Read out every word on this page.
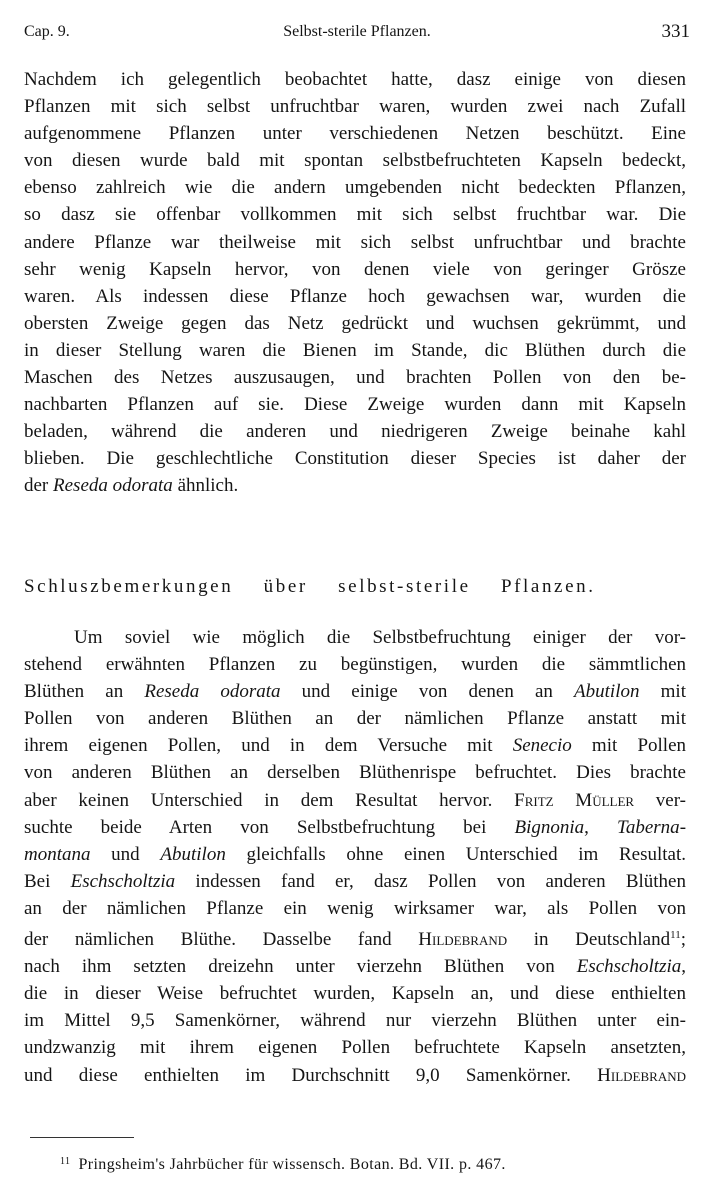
Selbst-sterile Pflanzen.
Cap. 9.	331
Nachdem ich gelegentlich beobachtet hatte, dasz einige von diesen
Pflanzen mit sich selbst unfruchtbar waren, wurden zwei nach Zufall
aufgenommene Pflanzen unter verschiedenen Netzen beschützt. Eine
von diesen wurde bald mit spontan selbstbefruchteten Kapseln bedeckt,
ebenso zahlreich wie die andern umgebenden nicht bedeckten Pflanzen,
so dasz sie offenbar vollkommen mit sich selbst fruchtbar war. Die
andere Pflanze war theilweise mit sich selbst unfruchtbar und brachte
sehr wenig Kapseln hervor, von denen viele von geringer Grösze
waren. Als indessen diese Pflanze hoch gewachsen war, wurden die
obersten Zweige gegen das Netz gedrückt und wuchsen gekrümmt, und
in dieser Stellung waren die Bienen im Stande, dic Blüthen durch die
Maschen des Netzes auszusaugen, und brachten Pollen von den be-
nachbarten Pflanzen auf sie. Diese Zweige wurden dann mit Kapseln
beladen, während die anderen und niedrigeren Zweige beinahe kahl
blieben. Die geschlechtliche Constitution dieser Species ist daher der
der Reseda odorata ähnlich.
Schluszbemerkungen über selbst-sterile Pflanzen.
Um soviel wie möglich die Selbstbefruchtung einiger der vor-
stehend erwähnten Pflanzen zu begünstigen, wurden die sämmtlichen
Blüthen an Reseda odorata und einige von denen an Abutilon mit
Pollen von anderen Blüthen an der nämlichen Pflanze anstatt mit
ihrem eigenen Pollen, und in dem Versuche mit Senecio mit Pollen
von anderen Blüthen an derselben Blüthenrispe befruchtet. Dies brachte
aber keinen Unterschied in dem Resultat hervor. Fritz Müller ver-
suchte beide Arten von Selbstbefruchtung bei Bignonia, Taberna-
montana und Abutilon gleichfalls ohne einen Unterschied im Resultat.
Bei Eschscholtzia indessen fand er, dasz Pollen von anderen Blüthen
an der nämlichen Pflanze ein wenig wirksamer war, als Pollen von
der nämlichen Blüthe. Dasselbe fand Hildebrand in Deutschland$^{11}$;
nach ihm setzten dreizehn unter vierzehn Blüthen von Eschscholtzia,
die in dieser Weise befruchtet wurden, Kapseln an, und diese enthielten
im Mittel 9,5 Samenkörner, während nur vierzehn Blüthen unter ein-
undzwanzig mit ihrem eigenen Pollen befruchtete Kapseln ansetzten,
und diese enthielten im Durchschnitt 9,0 Samenkörner. Hildebrand
$^{11}$ Pringsheim's Jahrbücher für wissensch. Botan. Bd. VII. p. 467.
